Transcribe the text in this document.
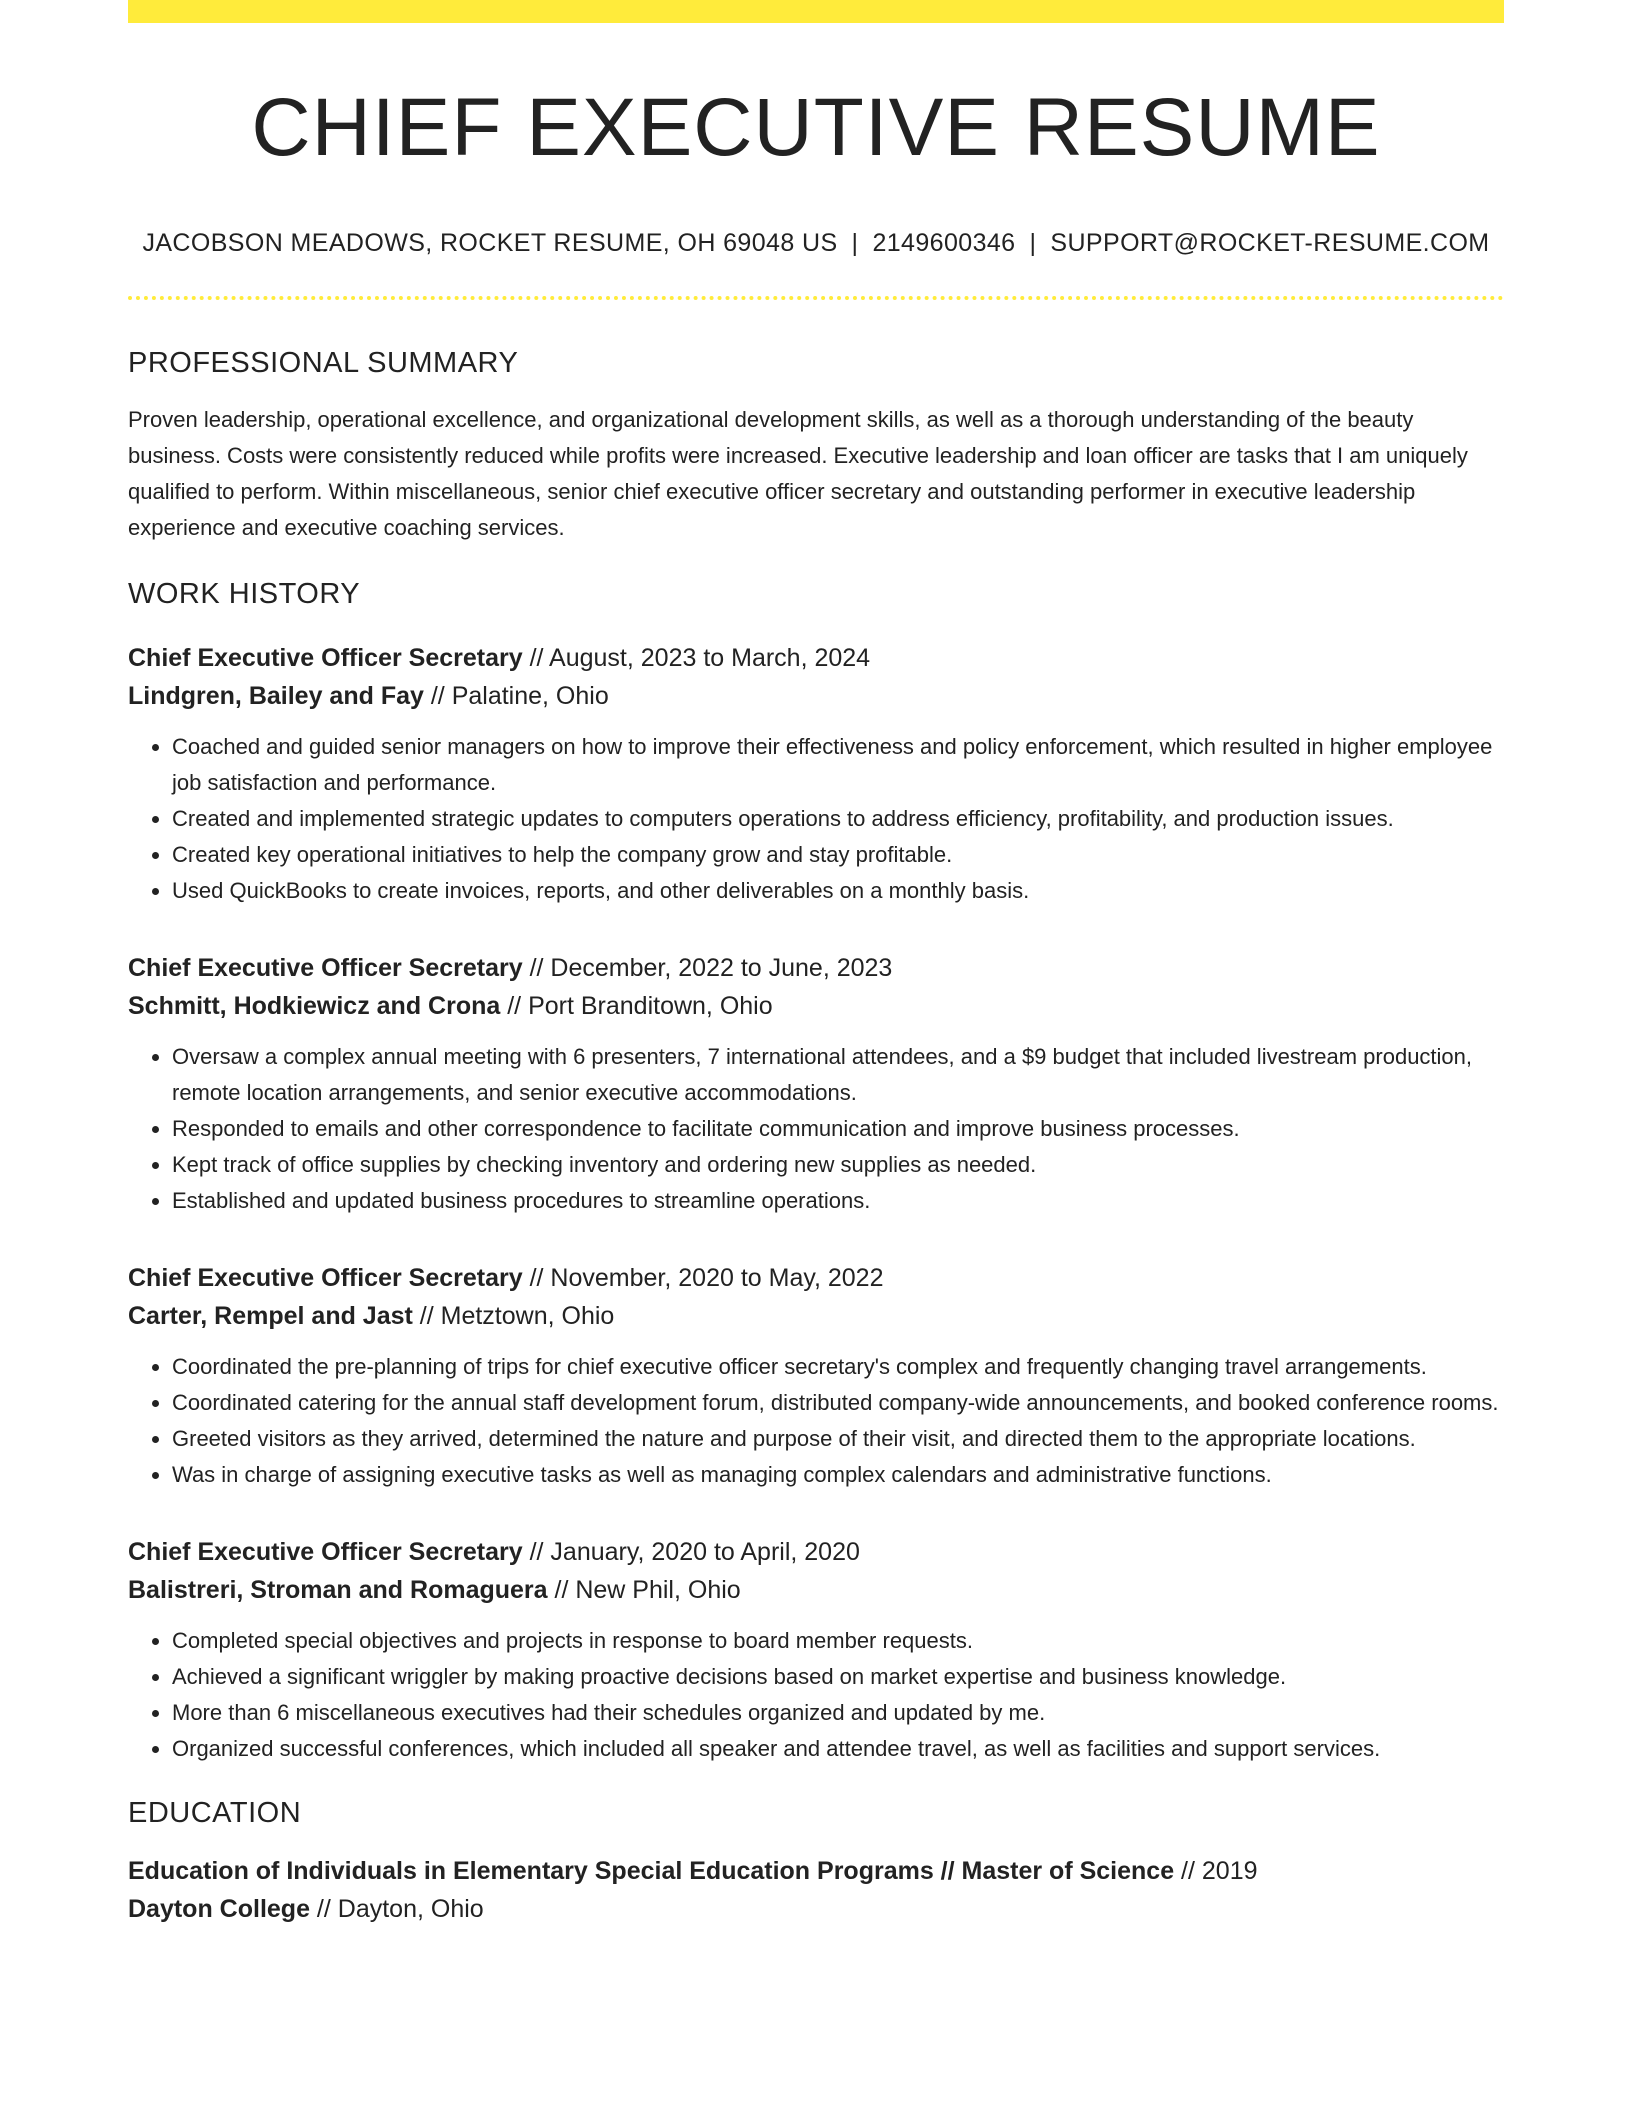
CHIEF EXECUTIVE RESUME
JACOBSON MEADOWS, ROCKET RESUME, OH 69048 US | 2149600346 | SUPPORT@ROCKET-RESUME.COM
PROFESSIONAL SUMMARY

Proven leadership, operational excellence, and organizational development skills, as well as a thorough understanding of the beauty business. Costs were consistently reduced while profits were increased. Executive leadership and loan officer are tasks that I am uniquely qualified to perform. Within miscellaneous, senior chief executive officer secretary and outstanding performer in executive leadership experience and executive coaching services.

WORK HISTORY
Chief Executive Officer Secretary // August, 2023 to March, 2024
Lindgren, Bailey and Fay // Palatine, Ohio
• Coached and guided senior managers on how to improve their effectiveness and policy enforcement, which resulted in higher employee job satisfaction and performance.
• Created and implemented strategic updates to computers operations to address efficiency, profitability, and production issues.
• Created key operational initiatives to help the company grow and stay profitable.
• Used QuickBooks to create invoices, reports, and other deliverables on a monthly basis.
Chief Executive Officer Secretary // December, 2022 to June, 2023
Schmitt, Hodkiewicz and Crona // Port Branditown, Ohio
• Oversaw a complex annual meeting with 6 presenters, 7 international attendees, and a $9 budget that included livestream production, remote location arrangements, and senior executive accommodations.
• Responded to emails and other correspondence to facilitate communication and improve business processes.
• Kept track of office supplies by checking inventory and ordering new supplies as needed.
• Established and updated business procedures to streamline operations.
Chief Executive Officer Secretary // November, 2020 to May, 2022
Carter, Rempel and Jast // Metztown, Ohio
• Coordinated the pre-planning of trips for chief executive officer secretary's complex and frequently changing travel arrangements.
• Coordinated catering for the annual staff development forum, distributed company-wide announcements, and booked conference rooms.
• Greeted visitors as they arrived, determined the nature and purpose of their visit, and directed them to the appropriate locations.
• Was in charge of assigning executive tasks as well as managing complex calendars and administrative functions.
Chief Executive Officer Secretary // January, 2020 to April, 2020
Balistreri, Stroman and Romaguera // New Phil, Ohio
• Completed special objectives and projects in response to board member requests.
• Achieved a significant wriggler by making proactive decisions based on market expertise and business knowledge.
• More than 6 miscellaneous executives had their schedules organized and updated by me.
• Organized successful conferences, which included all speaker and attendee travel, as well as facilities and support services.
EDUCATION
Education of Individuals in Elementary Special Education Programs // Master of Science // 2019
Dayton College // Dayton, Ohio
